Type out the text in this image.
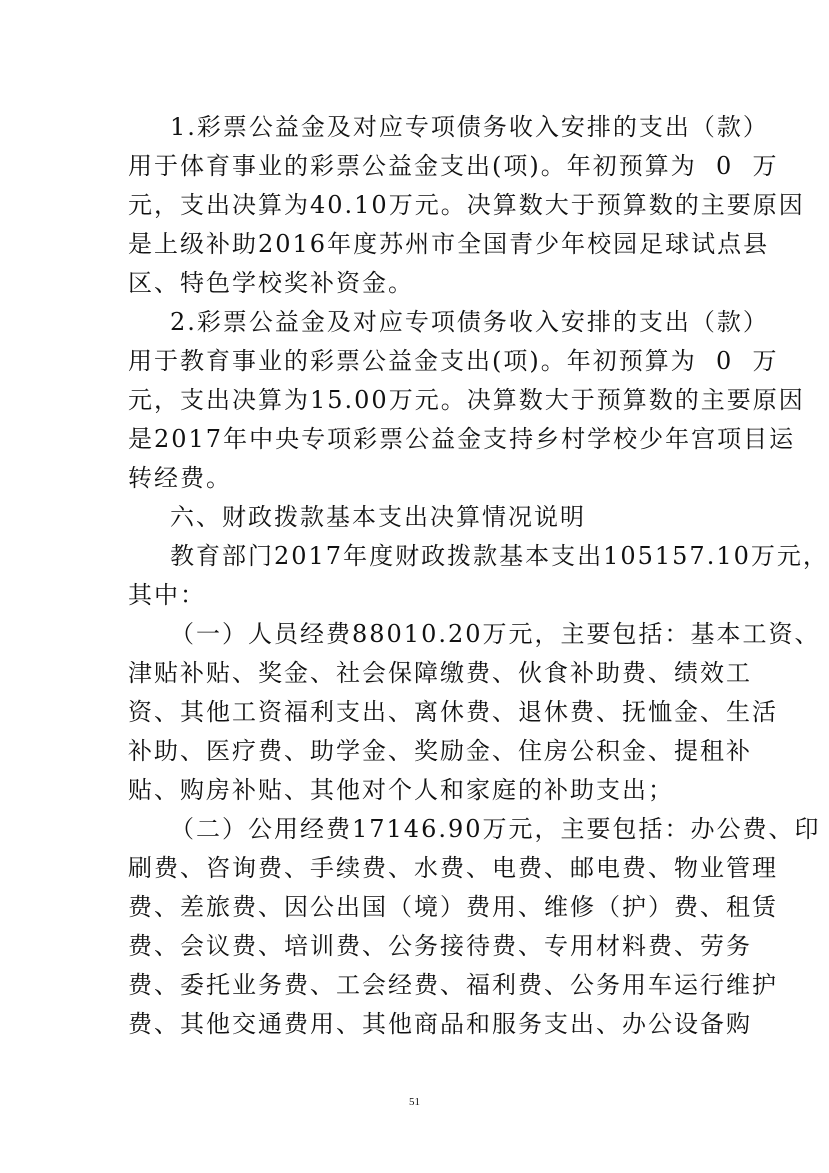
1.彩票公益金及对应专项债务收入安排的支出（款）
用于体育事业的彩票公益金支出(项)。年初预算为  0  万
元，支出决算为40.10万元。决算数大于预算数的主要原因
是上级补助2016年度苏州市全国青少年校园足球试点县
区、特色学校奖补资金。
2.彩票公益金及对应专项债务收入安排的支出（款）
用于教育事业的彩票公益金支出(项)。年初预算为  0  万
元，支出决算为15.00万元。决算数大于预算数的主要原因
是2017年中央专项彩票公益金支持乡村学校少年宫项目运
转经费。
六、财政拨款基本支出决算情况说明
教育部门2017年度财政拨款基本支出105157.10万元，
其中：
（一）人员经费88010.20万元，主要包括：基本工资、
津贴补贴、奖金、社会保障缴费、伙食补助费、绩效工
资、其他工资福利支出、离休费、退休费、抚恤金、生活
补助、医疗费、助学金、奖励金、住房公积金、提租补
贴、购房补贴、其他对个人和家庭的补助支出；
（二）公用经费17146.90万元，主要包括：办公费、印
刷费、咨询费、手续费、水费、电费、邮电费、物业管理
费、差旅费、因公出国（境）费用、维修（护）费、租赁
费、会议费、培训费、公务接待费、专用材料费、劳务
费、委托业务费、工会经费、福利费、公务用车运行维护
费、其他交通费用、其他商品和服务支出、办公设备购
51
